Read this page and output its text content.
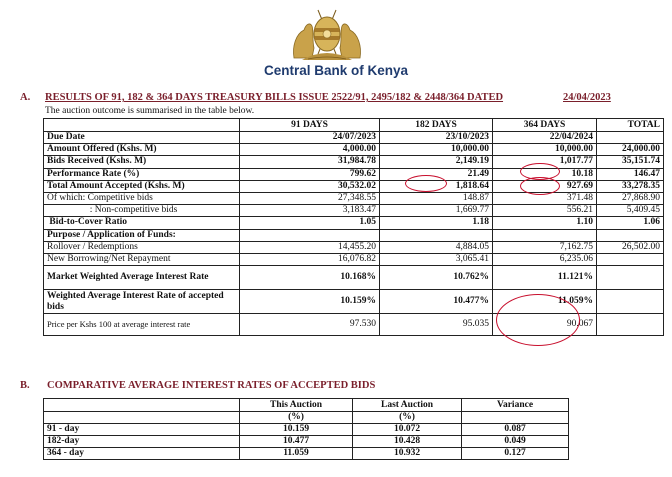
Central Bank of Kenya
A. RESULTS OF 91, 182 & 364 DAYS TREASURY BILLS ISSUE 2522/91, 2495/182 & 2448/364 DATED	24/04/2023
The auction outcome is summarised in the table below.
	91 DAYS	182 DAYS	364 DAYS	TOTAL
Due Date	24/07/2023	23/10/2023	22/04/2024	
Amount Offered (Kshs. M)	4,000.00	10,000.00	10,000.00	24,000.00
Bids Received (Kshs. M)	31,984.78	2,149.19	1,017.77	35,151.74
Performance Rate (%)	799.62	21.49	10.18	146.47
Total Amount Accepted (Kshs. M)	30,532.02	1,818.64	927.69	33,278.35
Of which: Competitive bids	27,348.55	148.87	371.48	27,868.90
: Non-competitive bids	3,183.47	1,669.77	556.21	5,409.45
Bid-to-Cover Ratio	1.05	1.18	1.10	1.06
Purpose / Application of Funds:				
Rollover / Redemptions	14,455.20	4,884.05	7,162.75	26,502.00
New Borrowing/Net Repayment	16,076.82	3,065.41	6,235.06	
Market Weighted Average Interest Rate	10.168%	10.762%	11.121%	
Weighted Average Interest Rate of accepted bids	10.159%	10.477%	11.059%	
Price per Kshs 100 at average interest rate	97.530	95.035	90.067	
B. COMPARATIVE AVERAGE INTEREST RATES OF ACCEPTED BIDS
	This Auction	Last Auction	Variance
	(%)	(%)	
91 - day	10.159	10.072	0.087
182-day	10.477	10.428	0.049
364 - day	11.059	10.932	0.127
